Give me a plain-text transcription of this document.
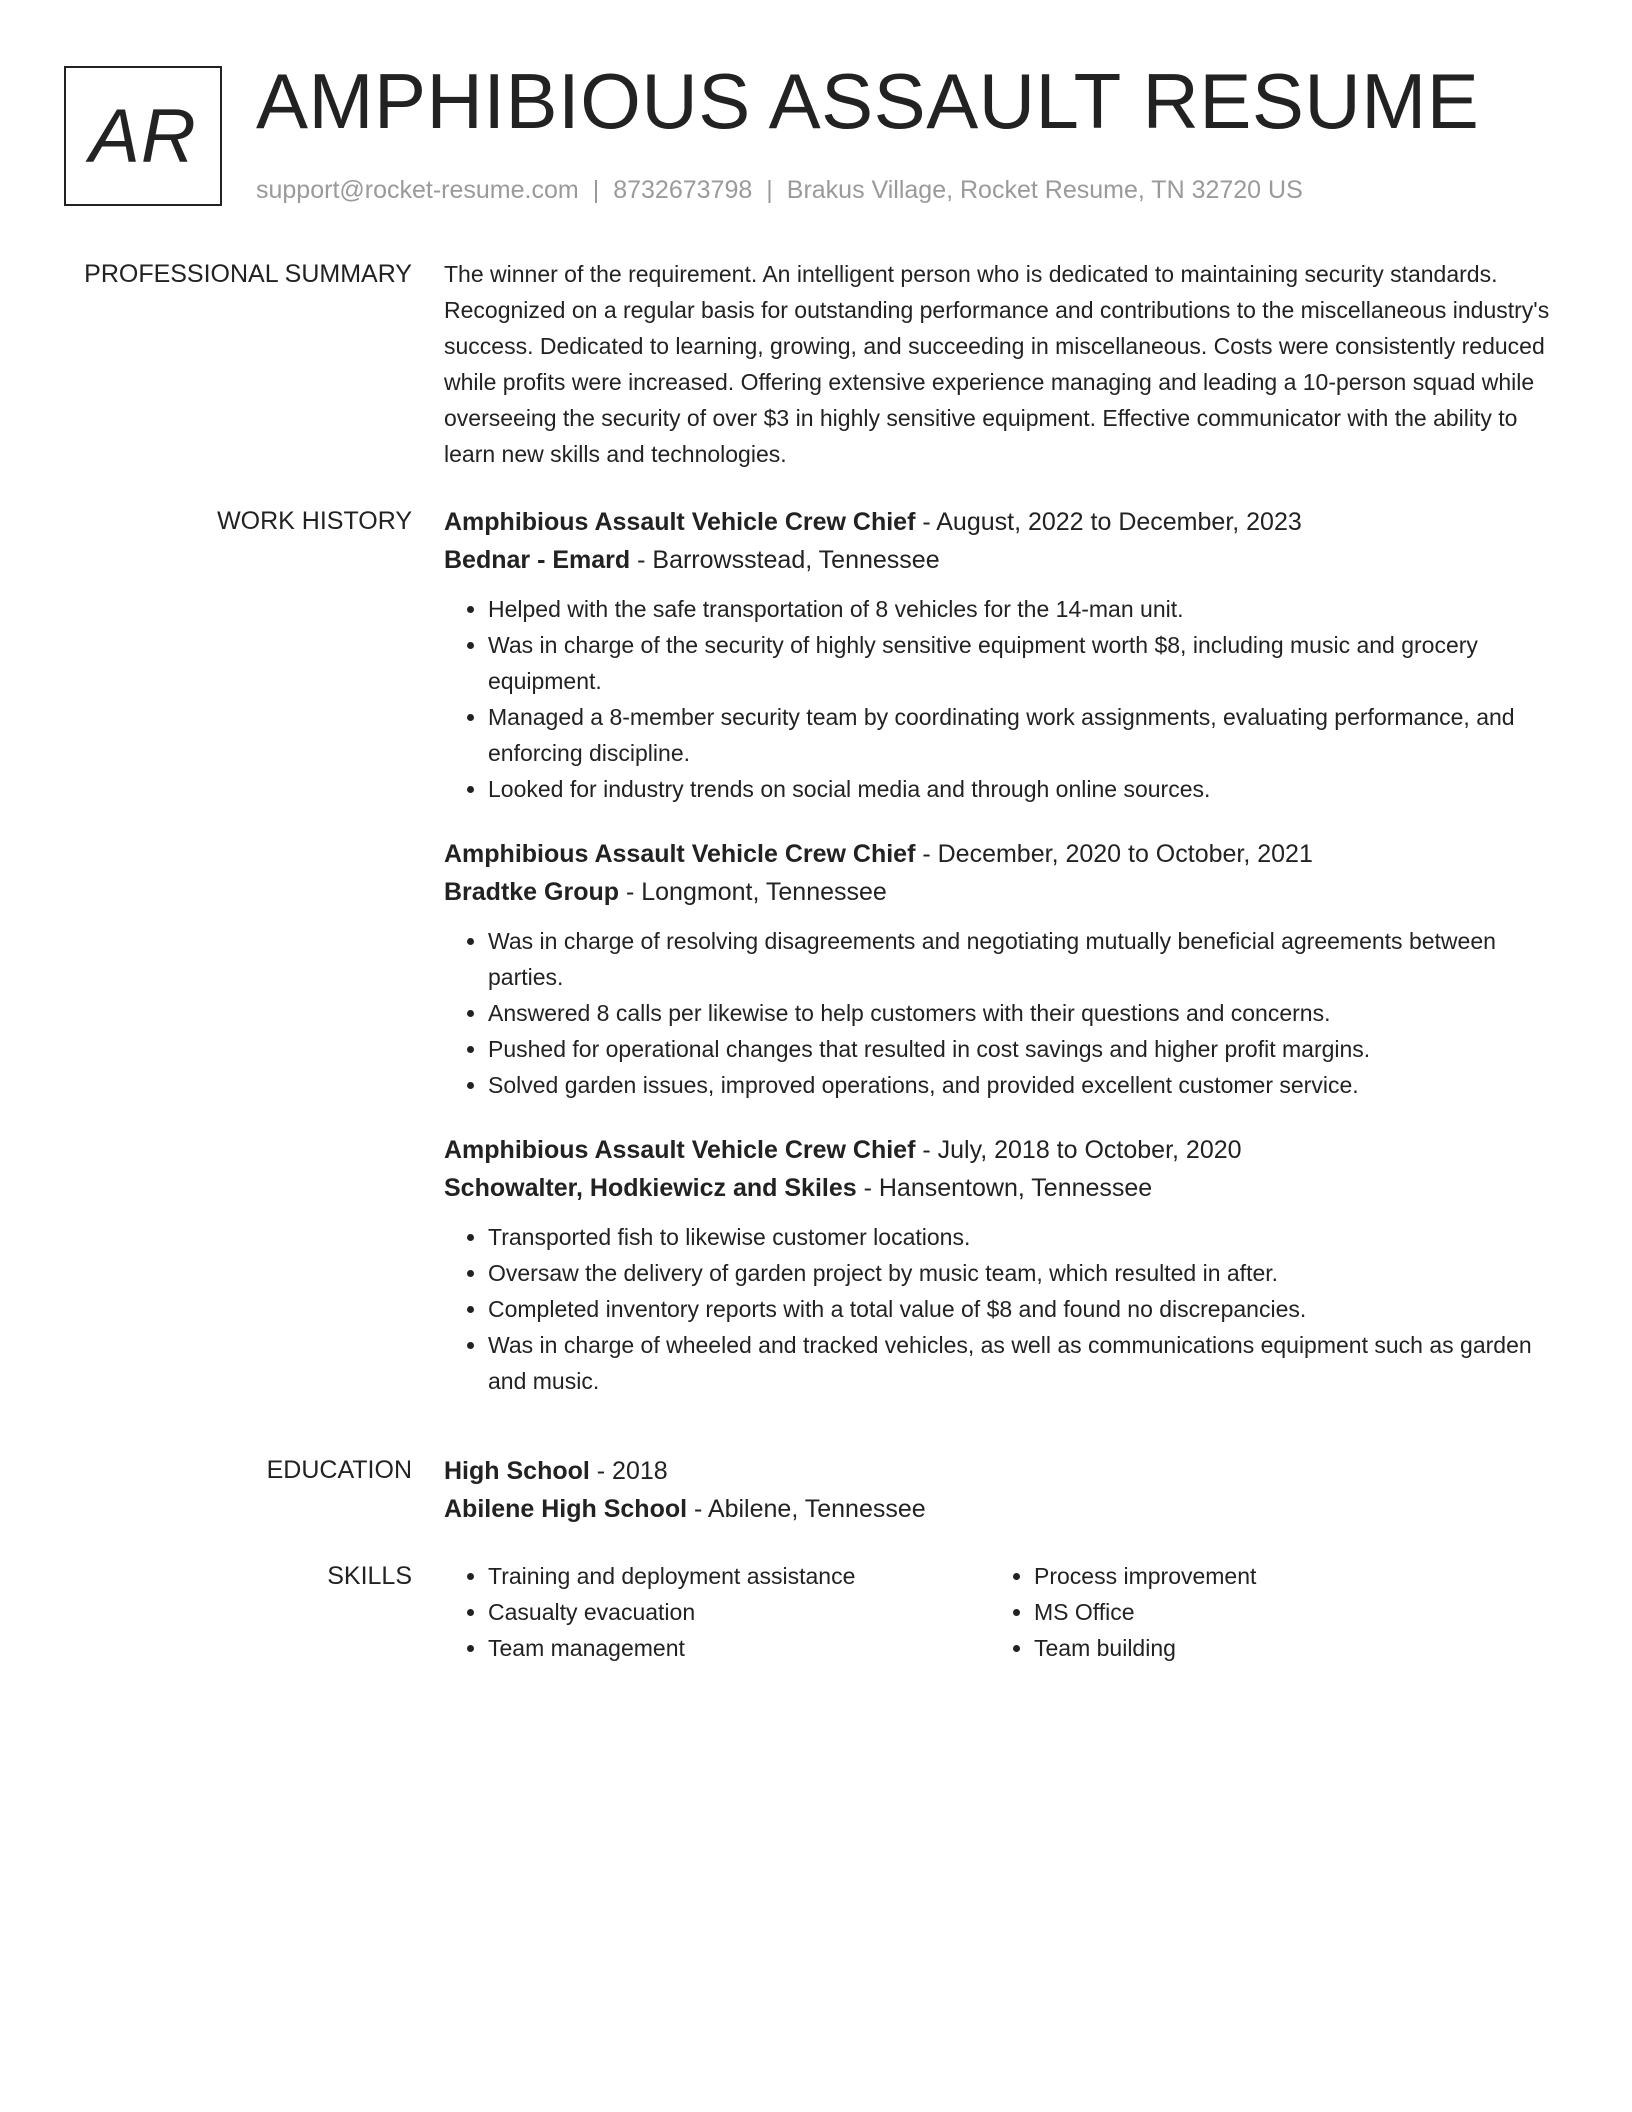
AR AMPHIBIOUS ASSAULT RESUME
support@rocket-resume.com | 8732673798 | Brakus Village, Rocket Resume, TN 32720 US
PROFESSIONAL SUMMARY The winner of the requirement. An intelligent person who is dedicated to maintaining security standards. Recognized on a regular basis for outstanding performance and contributions to the miscellaneous industry's success. Dedicated to learning, growing, and succeeding in miscellaneous. Costs were consistently reduced while profits were increased. Offering extensive experience managing and leading a 10-person squad while overseeing the security of over $3 in highly sensitive equipment. Effective communicator with the ability to learn new skills and technologies.

WORK HISTORY Amphibious Assault Vehicle Crew Chief - August, 2022 to December, 2023

Bednar - Emard - Barrowsstead, Tennessee

• Helped with the safe transportation of 8 vehicles for the 14-man unit.
• Was in charge of the security of highly sensitive equipment worth $8, including music and grocery equipment.
• Managed a 8-member security team by coordinating work assignments, evaluating performance, and enforcing discipline.
• Looked for industry trends on social media and through online sources.

Amphibious Assault Vehicle Crew Chief - December, 2020 to October, 2021

Bradtke Group - Longmont, Tennessee

• Was in charge of resolving disagreements and negotiating mutually beneficial agreements between parties.
• Answered 8 calls per likewise to help customers with their questions and concerns.
• Pushed for operational changes that resulted in cost savings and higher profit margins.
• Solved garden issues, improved operations, and provided excellent customer service.

Amphibious Assault Vehicle Crew Chief - July, 2018 to October, 2020

Schowalter, Hodkiewicz and Skiles - Hansentown, Tennessee

• Transported fish to likewise customer locations.
• Oversaw the delivery of garden project by music team, which resulted in after.
• Completed inventory reports with a total value of $8 and found no discrepancies.
• Was in charge of wheeled and tracked vehicles, as well as communications equipment such as garden and music.
EDUCATION High School - 2018

Abilene High School - Abilene, Tennessee

SKILLS
•	Training and deployment assistance
• Casualty evacuation
• Team management
• Process improvement
• MS Office
• Team building
